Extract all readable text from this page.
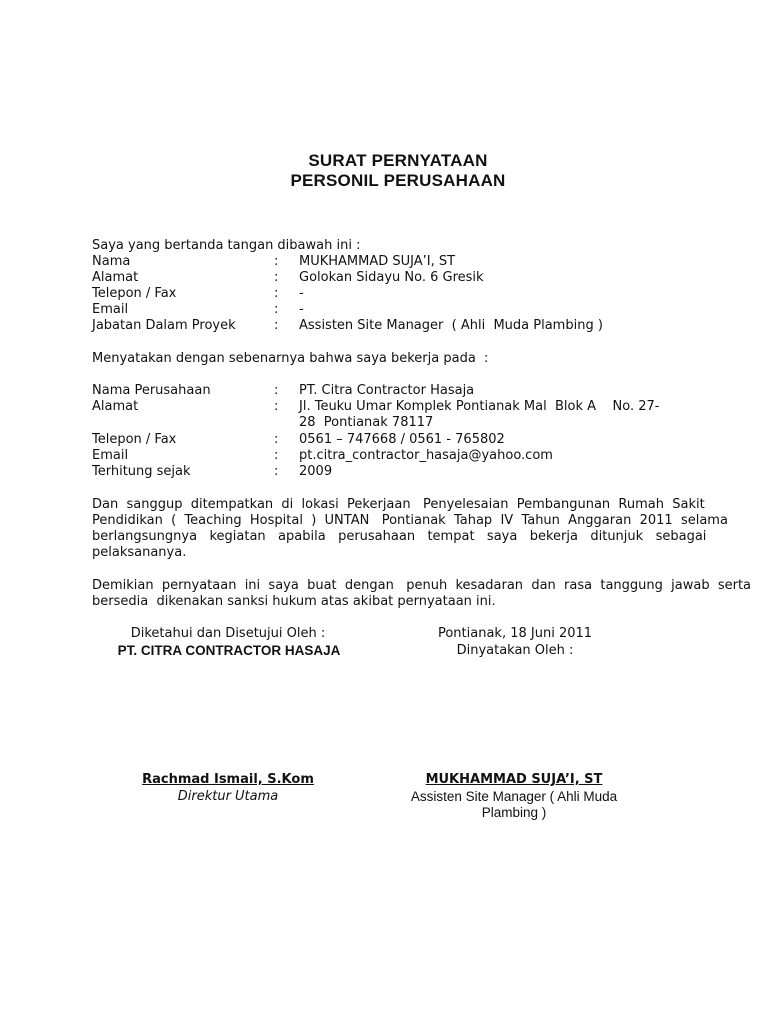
SURAT PERNYATAAN
PERSONIL PERUSAHAAN
Saya yang bertanda tangan dibawah ini :
Nama	: MUKHAMMAD SUJA’I, ST
Alamat	: Golokan Sidayu No. 6 Gresik
Telepon / Fax	: -
Email	: -
Jabatan Dalam Proyek	: Assisten Site Manager  ( Ahli  Muda Plambing )
Menyatakan dengan sebenarnya bahwa saya bekerja pada  :
Nama Perusahaan	: PT. Citra Contractor Hasaja
Alamat	: Jl. Teuku Umar Komplek Pontianak Mal  Blok A    No. 27-
28  Pontianak 78117
Telepon / Fax	: 0561 – 747668 / 0561 - 765802
Email	: pt.citra_contractor_hasaja@yahoo.com
Terhitung sejak	: 2009
Dan  sanggup  ditempatkan  di  lokasi  Pekerjaan   Penyelesaian  Pembangunan  Rumah  Sakit
Pendidikan  (  Teaching  Hospital  )  UNTAN   Pontianak  Tahap  IV  Tahun  Anggaran  2011  selama
berlangsungnya   kegiatan   apabila   perusahaan   tempat   saya   bekerja   ditunjuk   sebagai
pelaksananya.
Demikian  pernyataan  ini  saya  buat  dengan   penuh  kesadaran  dan  rasa  tanggung  jawab  serta
bersedia  dikenakan sanksi hukum atas akibat pernyataan ini.
Diketahui dan Disetujui Oleh :
PT. CITRA CONTRACTOR HASAJA
Pontianak, 18 Juni 2011
Dinyatakan Oleh :
Rachmad Ismail, S.Kom
Direktur Utama
MUKHAMMAD SUJA’I, ST
Assisten Site Manager ( Ahli Muda
Plambing )
